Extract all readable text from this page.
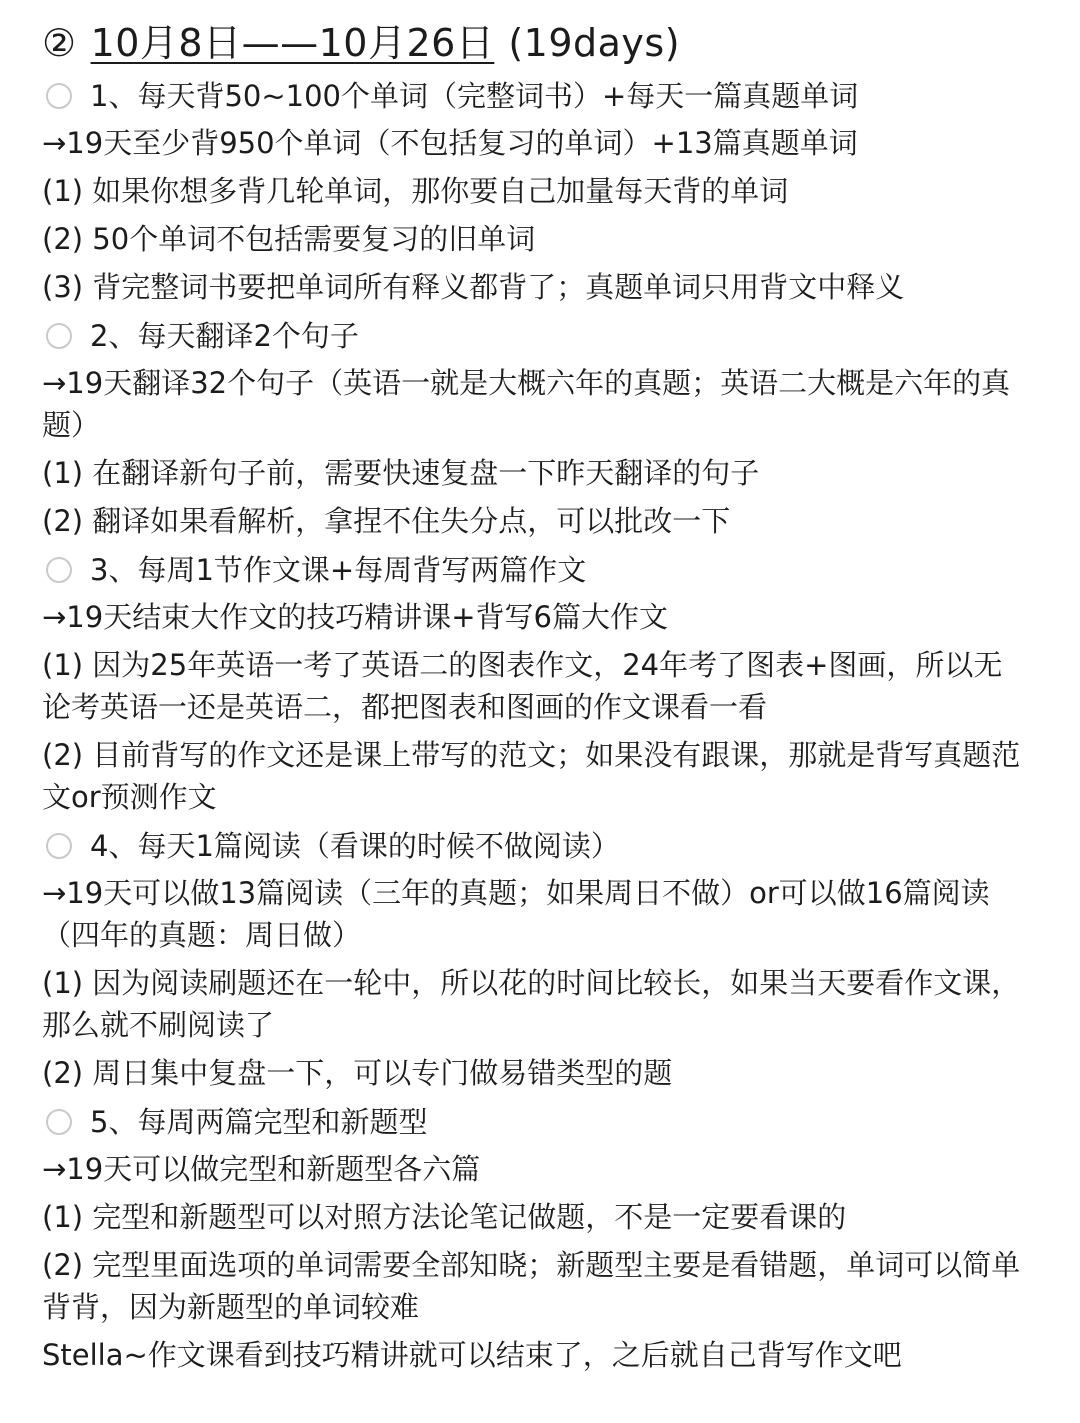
② 10月8日——10月26日 (19days)
1、每天背50~100个单词（完整词书）+每天一篇真题单词

→19天至少背950个单词（不包括复习的单词）+13篇真题单词

(1) 如果你想多背几轮单词，那你要自己加量每天背的单词

(2) 50个单词不包括需要复习的旧单词

(3) 背完整词书要把单词所有释义都背了；真题单词只用背文中释义

2、每天翻译2个句子

→19天翻译32个句子（英语一就是大概六年的真题；英语二大概是六年的真题）

(1) 在翻译新句子前，需要快速复盘一下昨天翻译的句子

(2) 翻译如果看解析，拿捏不住失分点，可以批改一下

3、每周1节作文课+每周背写两篇作文

→19天结束大作文的技巧精讲课+背写6篇大作文

(1) 因为25年英语一考了英语二的图表作文，24年考了图表+图画，所以无论考英语一还是英语二，都把图表和图画的作文课看一看

(2) 目前背写的作文还是课上带写的范文；如果没有跟课，那就是背写真题范文or预测作文

4、每天1篇阅读（看课的时候不做阅读）

→19天可以做13篇阅读（三年的真题；如果周日不做）or可以做16篇阅读（四年的真题：周日做）

(1) 因为阅读刷题还在一轮中，所以花的时间比较长，如果当天要看作文课，那么就不刷阅读了

(2) 周日集中复盘一下，可以专门做易错类型的题

5、每周两篇完型和新题型

→19天可以做完型和新题型各六篇

(1) 完型和新题型可以对照方法论笔记做题，不是一定要看课的

(2) 完型里面选项的单词需要全部知晓；新题型主要是看错题，单词可以简单背背，因为新题型的单词较难

Stella~作文课看到技巧精讲就可以结束了，之后就自己背写作文吧
